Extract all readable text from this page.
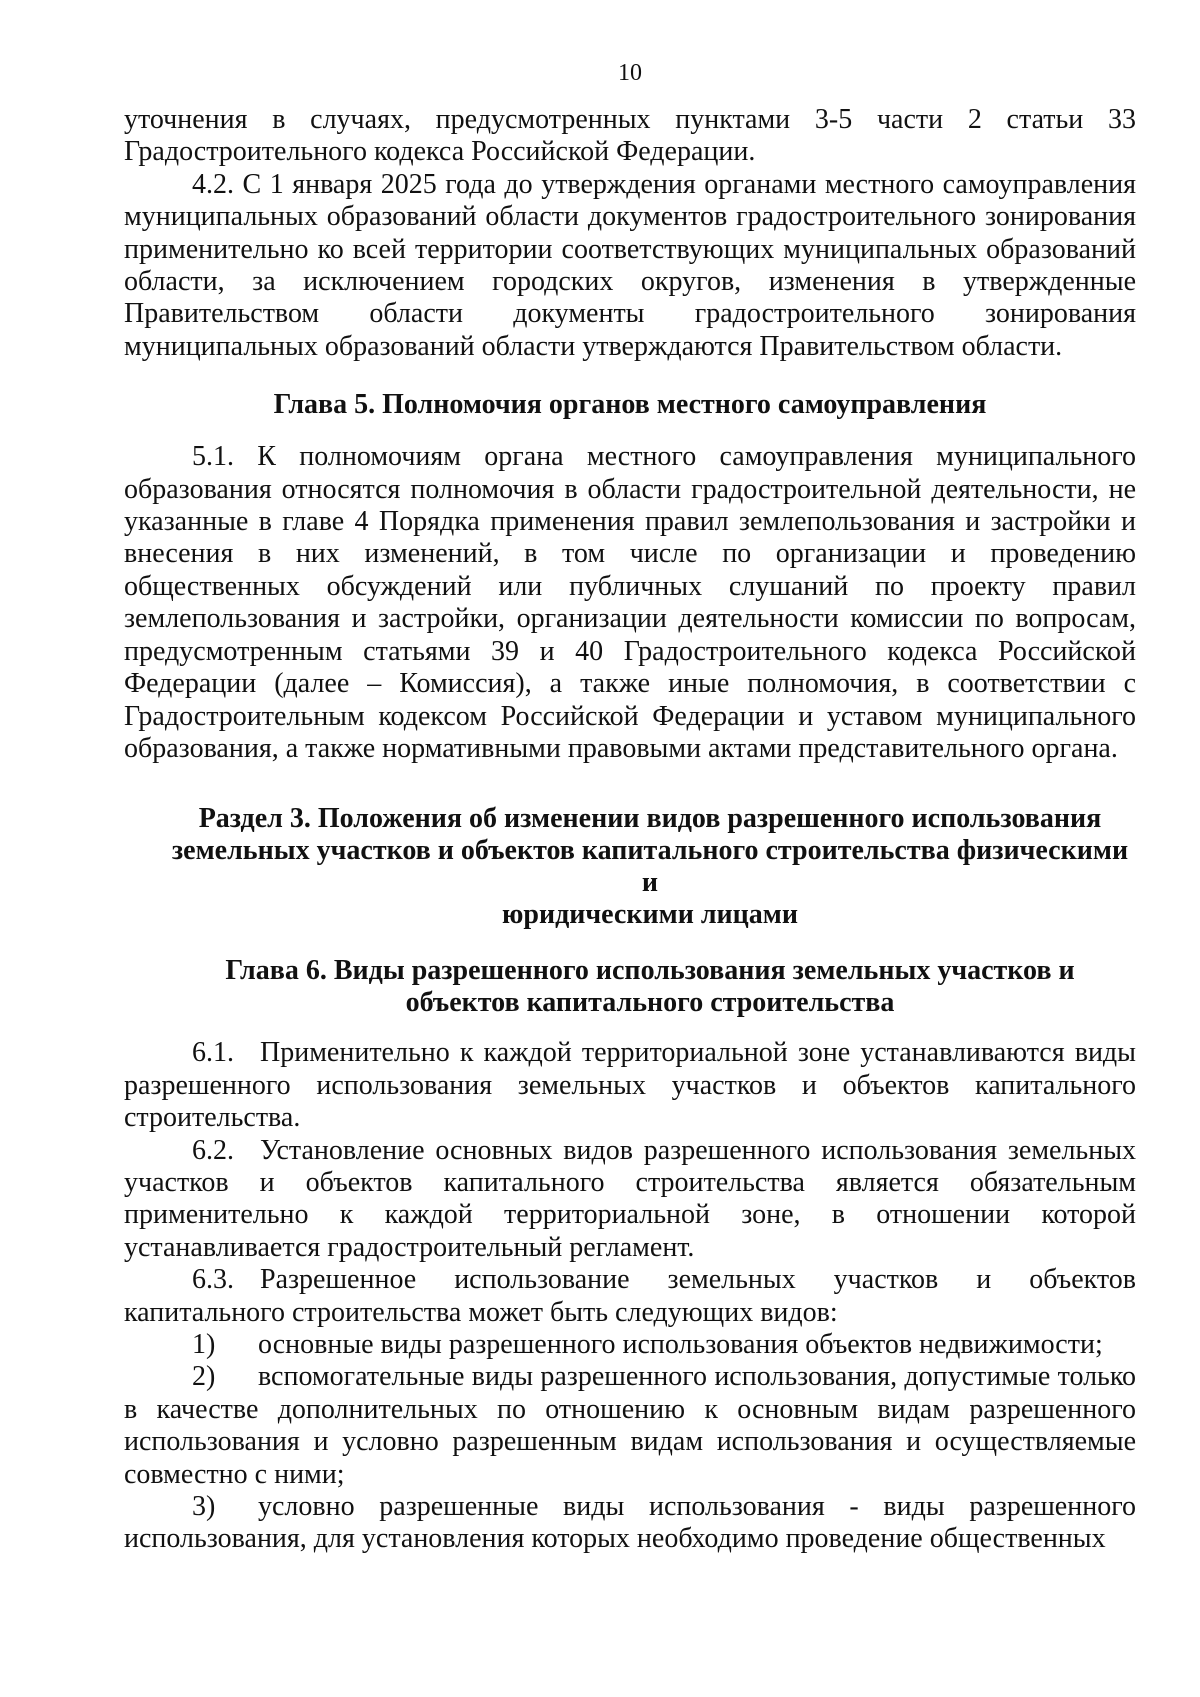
10

уточнения в случаях, предусмотренных пунктами 3-5 части 2 статьи 33 Градостроительного кодекса Российской Федерации.

4.2. С 1 января 2025 года до утверждения органами местного самоуправления муниципальных образований области документов градостроительного зонирования применительно ко всей территории соответствующих муниципальных образований области, за исключением городских округов, изменения в утвержденные Правительством области документы градостроительного зонирования муниципальных образований области утверждаются Правительством области.

Глава 5. Полномочия органов местного самоуправления

5.1. К полномочиям органа местного самоуправления муниципального образования относятся полномочия в области градостроительной деятельности, не указанные в главе 4 Порядка применения правил землепользования и застройки и внесения в них изменений, в том числе по организации и проведению общественных обсуждений или публичных слушаний по проекту правил землепользования и застройки, организации деятельности комиссии по вопросам, предусмотренным статьями 39 и 40 Градостроительного кодекса Российской Федерации (далее – Комиссия), а также иные полномочия, в соответствии с Градостроительным кодексом Российской Федерации и уставом муниципального образования, а также нормативными правовыми актами представительного органа.

Раздел 3. Положения об изменении видов разрешенного использования
земельных участков и объектов капитального строительства физическими и
юридическими лицами
Глава 6. Виды разрешенного использования земельных участков и
объектов капитального строительства

6.1. Применительно к каждой территориальной зоне устанавливаются виды разрешенного использования земельных участков и объектов капитального строительства.

6.2. Установление основных видов разрешенного использования земельных участков и объектов капитального строительства является обязательным применительно к каждой территориальной зоне, в отношении которой устанавливается градостроительный регламент.

6.3. Разрешенное использование земельных участков и объектов капитального строительства может быть следующих видов:

1) основные виды разрешенного использования объектов недвижимости;

2) вспомогательные виды разрешенного использования, допустимые только в качестве дополнительных по отношению к основным видам разрешенного использования и условно разрешенным видам использования и осуществляемые совместно с ними;

3) условно разрешенные виды использования - виды разрешенного использования, для установления которых необходимо проведение общественных
